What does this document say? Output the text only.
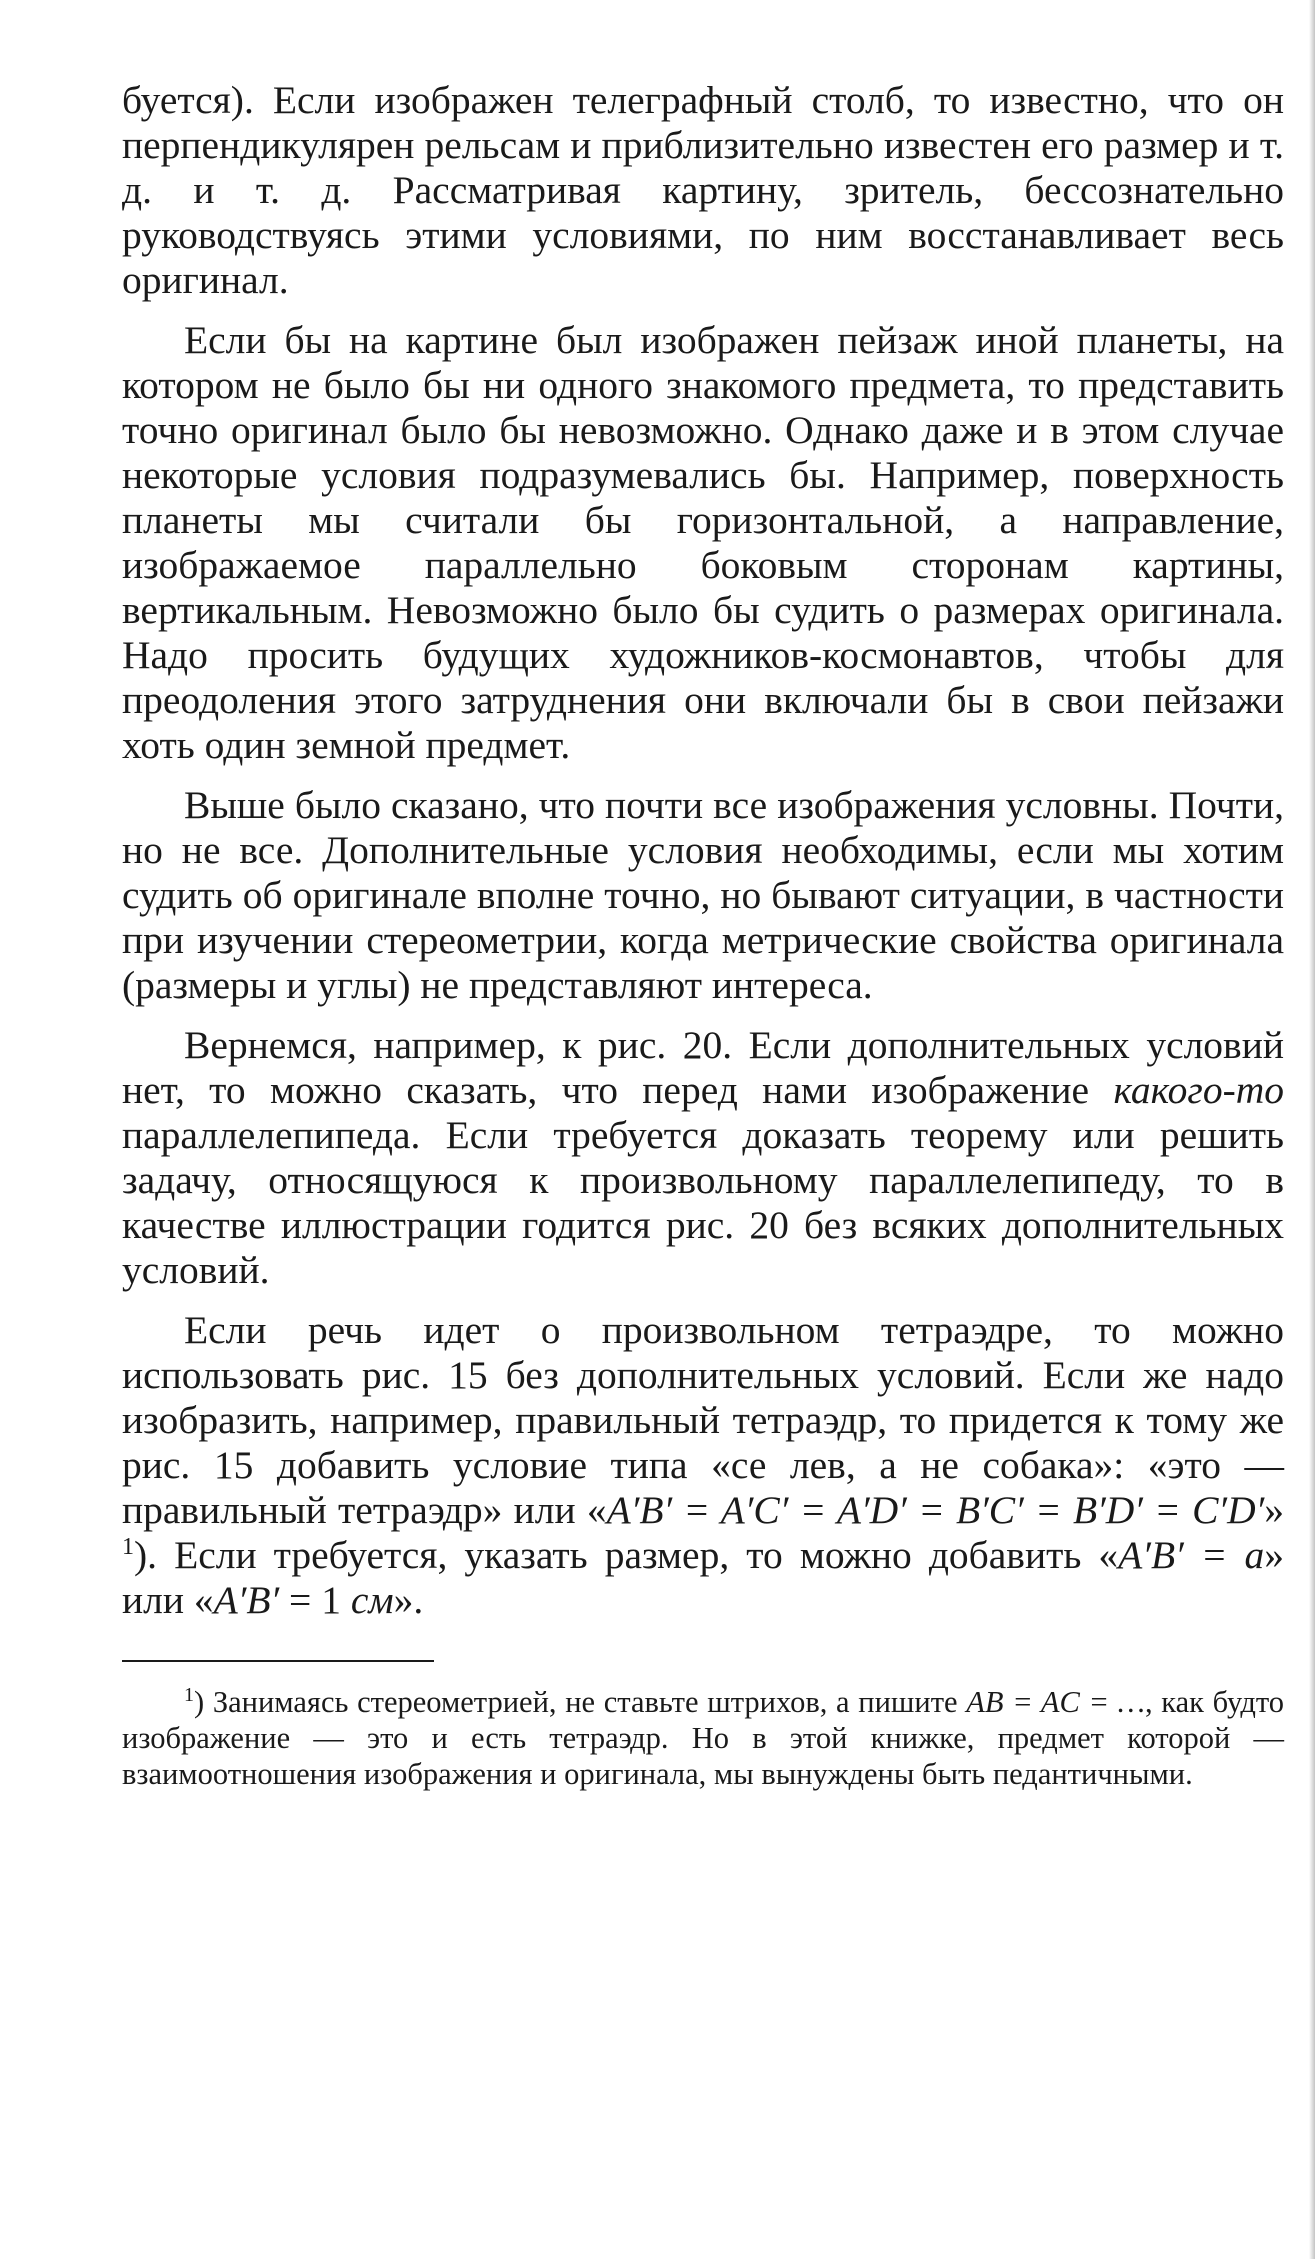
буется). Если изображен телеграфный столб, то известно, что он перпендикулярен рельсам и приблизительно известен его размер и т. д. и т. д. Рассматривая картину, зритель, бессознательно руководствуясь этими условиями, по ним восстанавливает весь оригинал.

Если бы на картине был изображен пейзаж иной планеты, на котором не было бы ни одного знакомого предмета, то представить точно оригинал было бы невозможно. Однако даже и в этом случае некоторые условия подразумевались бы. Например, поверхность планеты мы считали бы горизонтальной, а направление, изображаемое параллельно боковым сторонам картины, вертикальным. Невозможно было бы судить о размерах оригинала. Надо просить будущих художников-космонавтов, чтобы для преодоления этого затруднения они включали бы в свои пейзажи хоть один земной предмет.

Выше было сказано, что почти все изображения условны. Почти, но не все. Дополнительные условия необходимы, если мы хотим судить об оригинале вполне точно, но бывают ситуации, в частности при изучении стереометрии, когда метрические свойства оригинала (размеры и углы) не представляют интереса.

Вернемся, например, к рис. 20. Если дополнительных условий нет, то можно сказать, что перед нами изображение какого-то параллелепипеда. Если требуется доказать теорему или решить задачу, относящуюся к произвольному параллелепипеду, то в качестве иллюстрации годится рис. 20 без всяких дополнительных условий.

Если речь идет о произвольном тетраэдре, то можно использовать рис. 15 без дополнительных условий. Если же надо изобразить, например, правильный тетраэдр, то придется к тому же рис. 15 добавить условие типа «се лев, а не собака»: «это — правильный тетраэдр» или «A′B′ = A′C′ = A′D′ = B′C′ = B′D′ = C′D′» $^1$). Если требуется, указать размер, то можно добавить «A′B′ = a» или «A′B′ = 1 см».

$^1$) Занимаясь стереометрией, не ставьте штрихов, а пишите AB = AC = …, как будто изображение — это и есть тетраэдр. Но в этой книжке, предмет которой — взаимоотношения изображения и оригинала, мы вынуждены быть педантичными.
